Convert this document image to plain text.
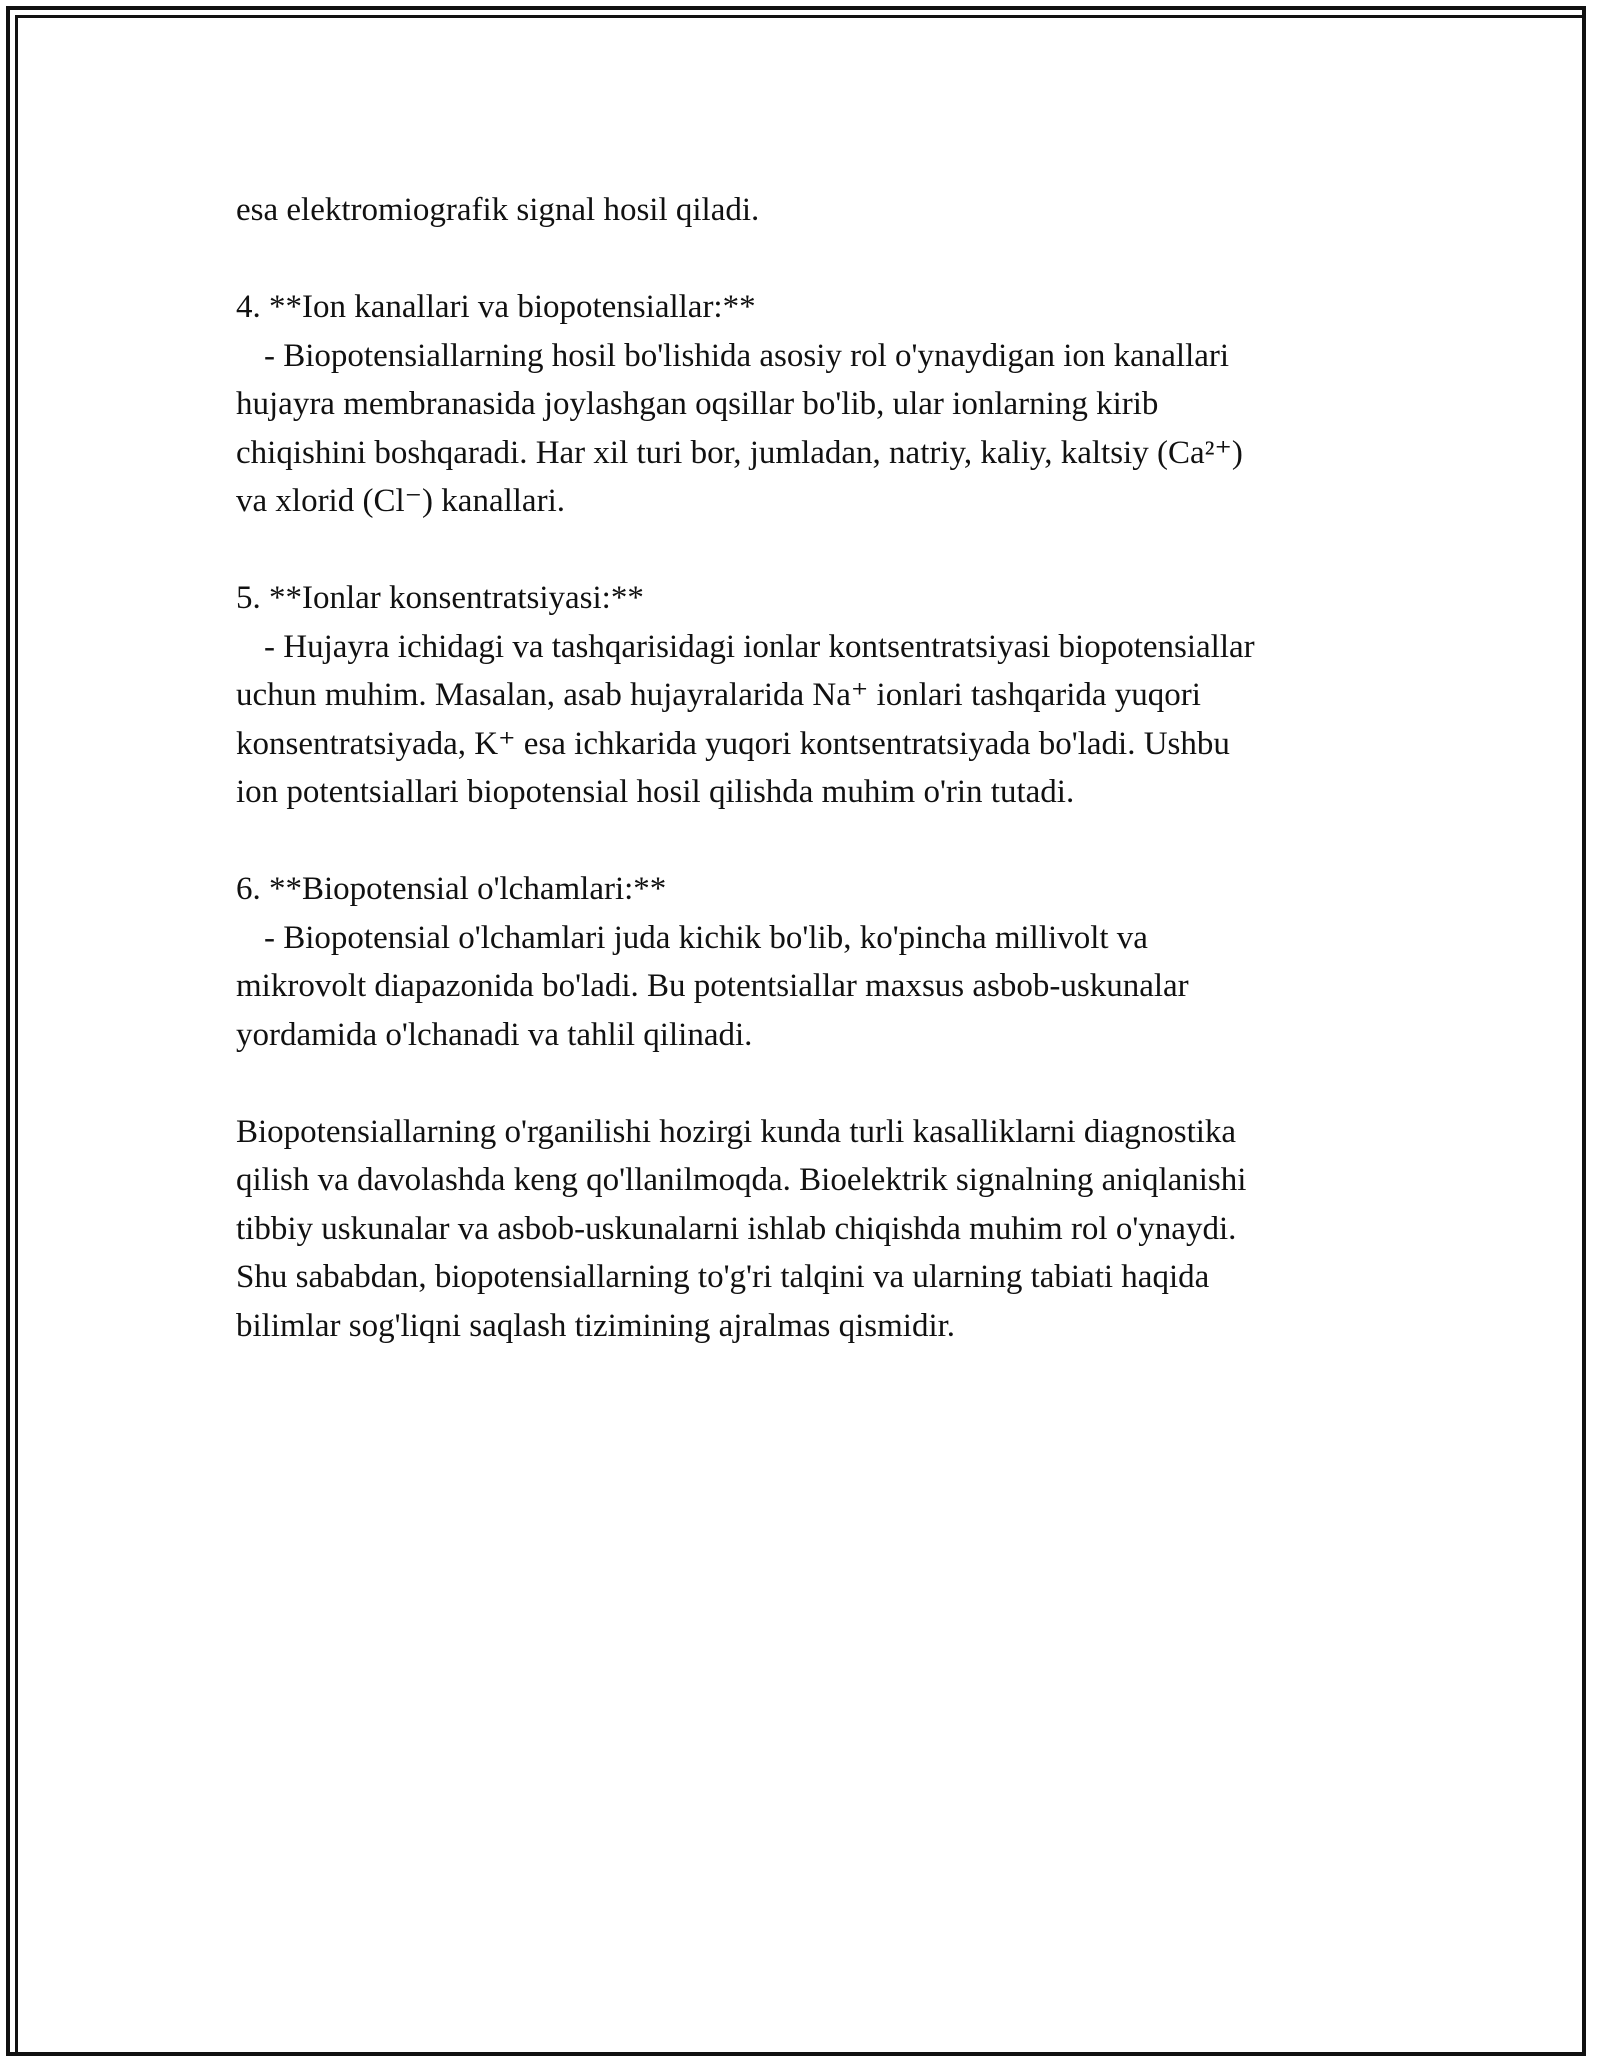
esa elektromiografik signal hosil qiladi.
4. **Ion kanallari va biopotensiallar:**
- Biopotensiallarning hosil bo'lishida asosiy rol o'ynaydigan ion kanallari
hujayra membranasida joylashgan oqsillar bo'lib, ular ionlarning kirib
chiqishini boshqaradi. Har xil turi bor, jumladan, natriy, kaliy, kaltsiy (Ca²⁺)
va xlorid (Cl⁻) kanallari.
5. **Ionlar konsentratsiyasi:**
- Hujayra ichidagi va tashqarisidagi ionlar kontsentratsiyasi biopotensiallar
uchun muhim. Masalan, asab hujayralarida Na⁺ ionlari tashqarida yuqori
konsentratsiyada, K⁺ esa ichkarida yuqori kontsentratsiyada bo'ladi. Ushbu
ion potentsiallari biopotensial hosil qilishda muhim o'rin tutadi.
6. **Biopotensial o'lchamlari:**
- Biopotensial o'lchamlari juda kichik bo'lib, ko'pincha millivolt va
mikrovolt diapazonida bo'ladi. Bu potentsiallar maxsus asbob-uskunalar
yordamida o'lchanadi va tahlil qilinadi.
Biopotensiallarning o'rganilishi hozirgi kunda turli kasalliklarni diagnostika
qilish va davolashda keng qo'llanilmoqda. Bioelektrik signalning aniqlanishi
tibbiy uskunalar va asbob-uskunalarni ishlab chiqishda muhim rol o'ynaydi.
Shu sababdan, biopotensiallarning to'g'ri talqini va ularning tabiati haqida
bilimlar sog'liqni saqlash tizimining ajralmas qismidir.
